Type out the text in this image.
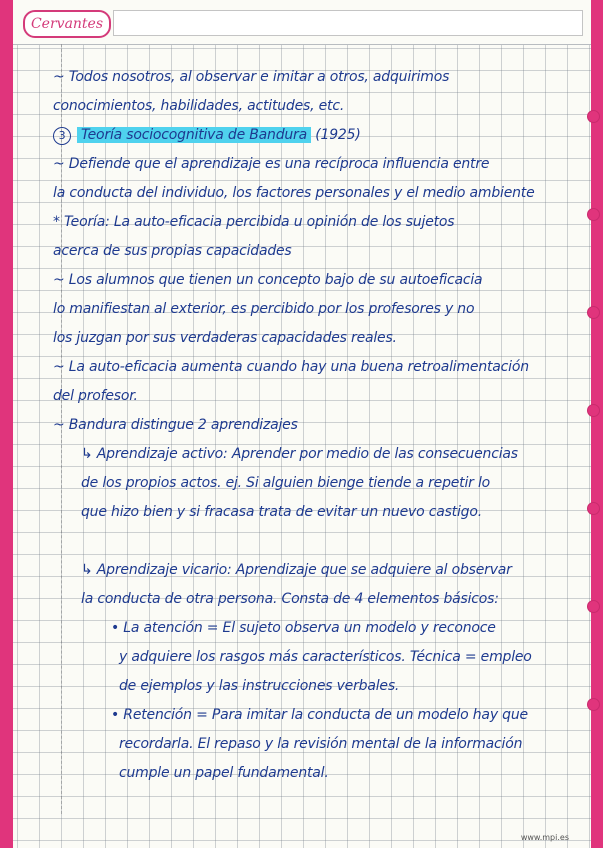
Cervantes
~ Todos nosotros, al observar e imitar a otros, adquirimos
conocimientos, habilidades, actitudes, etc.
3 Teoría sociocognitiva de Bandura (1925)
~ Defiende que el aprendizaje es una recíproca influencia entre
la conducta del individuo, los factores personales y el medio ambiente
* Teoría: La auto-eficacia percibida u opinión de los sujetos
acerca de sus propias capacidades
~ Los alumnos que tienen un concepto bajo de su autoeficacia
lo manifiestan al exterior, es percibido por los profesores y no
los juzgan por sus verdaderas capacidades reales.
~ La auto-eficacia aumenta cuando hay una buena retroalimentación
del profesor.
~ Bandura distingue 2 aprendizajes
↳ Aprendizaje activo: Aprender por medio de las consecuencias
de los propios actos. ej. Si alguien bienge tiende a repetir lo
que hizo bien y si fracasa trata de evitar un nuevo castigo.
↳ Aprendizaje vicario: Aprendizaje que se adquiere al observar
la conducta de otra persona. Consta de 4 elementos básicos:
• La atención = El sujeto observa un modelo y reconoce
y adquiere los rasgos más característicos. Técnica = empleo
de ejemplos y las instrucciones verbales.
• Retención = Para imitar la conducta de un modelo hay que
recordarla. El repaso y la revisión mental de la información
cumple un papel fundamental.
www.mpi.es
